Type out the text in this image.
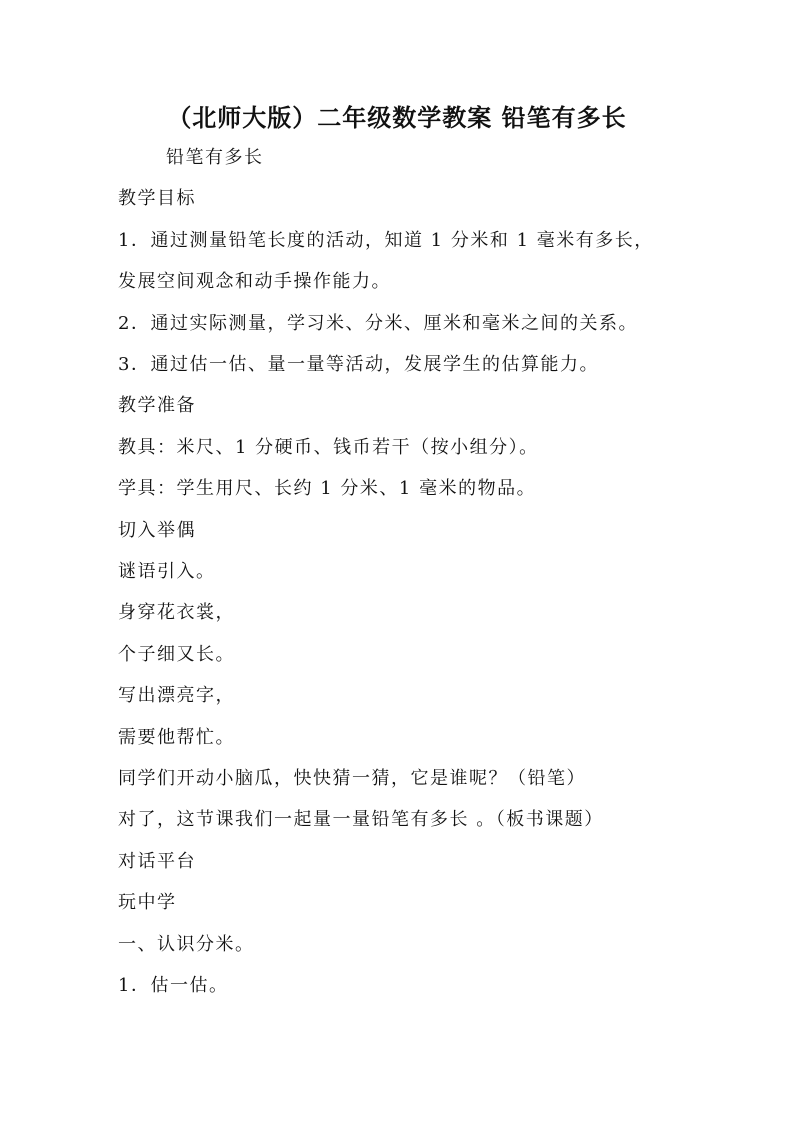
（北师大版）二年级数学教案 铅笔有多长
铅笔有多长
教学目标
1．通过测量铅笔长度的活动，知道 1 分米和 1 毫米有多长，
发展空间观念和动手操作能力。
2．通过实际测量，学习米、分米、厘米和毫米之间的关系。
3．通过估一估、量一量等活动，发展学生的估算能力。
教学准备
教具：米尺、1 分硬币、钱币若干（按小组分）。
学具：学生用尺、长约 1 分米、1 毫米的物品。
切入举偶
谜语引入。
身穿花衣裳，
个子细又长。
写出漂亮字，
需要他帮忙。
同学们开动小脑瓜，快快猜一猜，它是谁呢？（铅笔）
对了，这节课我们一起量一量铅笔有多长 。（板书课题）
对话平台
玩中学
一、认识分米。
1．估一估。
